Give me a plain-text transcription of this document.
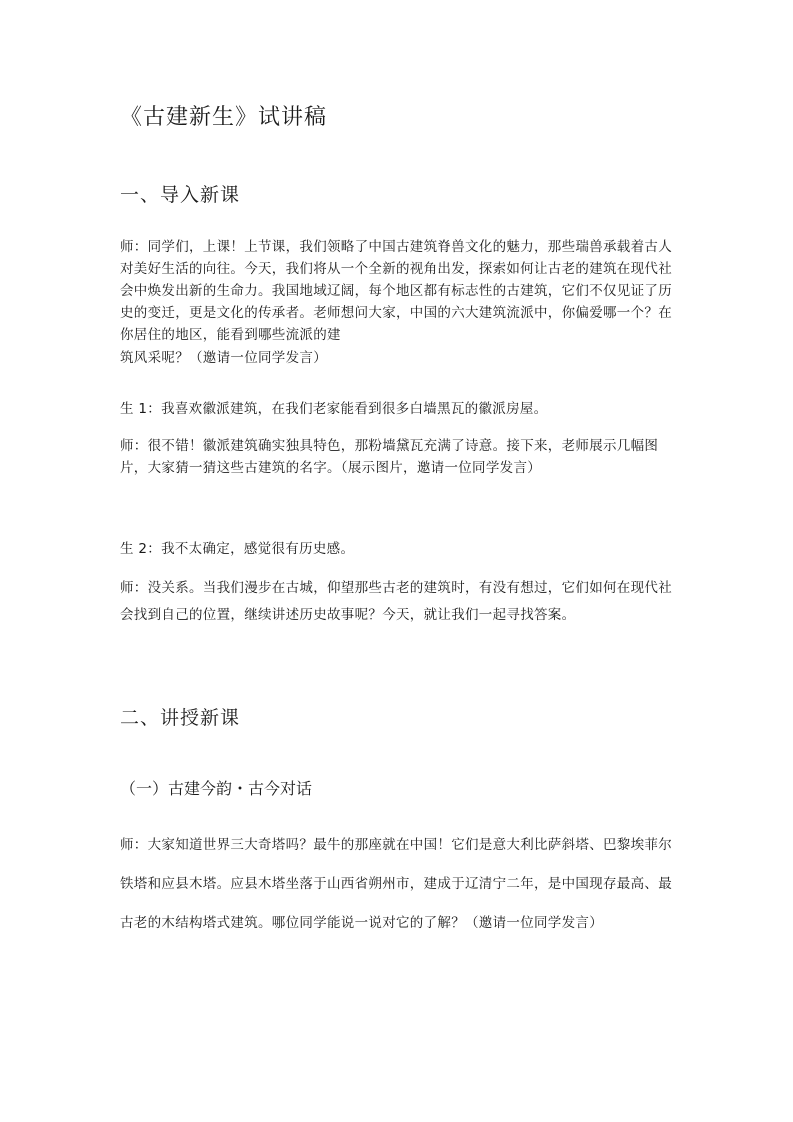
《古建新生》试讲稿
一、导入新课

师：同学们，上课！上节课，我们领略了中国古建筑脊兽文化的魅力，那些瑞兽承载着古人对美好生活的向往。今天，我们将从一个全新的视角出发，探索如何让古老的建筑在现代社会中焕发出新的生命力。我国地域辽阔，每个地区都有标志性的古建筑，它们不仅见证了历史的变迁，更是文化的传承者。老师想问大家，中国的六大建筑流派中，你偏爱哪一个？在你居住的地区，能看到哪些流派的建

筑风采呢？（邀请一位同学发言）

生 1：我喜欢徽派建筑，在我们老家能看到很多白墙黑瓦的徽派房屋。

师：很不错！徽派建筑确实独具特色，那粉墙黛瓦充满了诗意。接下来，老师展示几幅图片，大家猜一猜这些古建筑的名字。（展示图片，邀请一位同学发言）

生 2：我不太确定，感觉很有历史感。

师：没关系。当我们漫步在古城，仰望那些古老的建筑时，有没有想过，它们如何在现代社会找到自己的位置，继续讲述历史故事呢？今天，就让我们一起寻找答案。

二、讲授新课
（一）古建今韵・古今对话

师：大家知道世界三大奇塔吗？最牛的那座就在中国！它们是意大利比萨斜塔、巴黎埃菲尔铁塔和应县木塔。应县木塔坐落于山西省朔州市，建成于辽清宁二年，是中国现存最高、最古老的木结构塔式建筑。哪位同学能说一说对它的了解？（邀请一位同学发言）
